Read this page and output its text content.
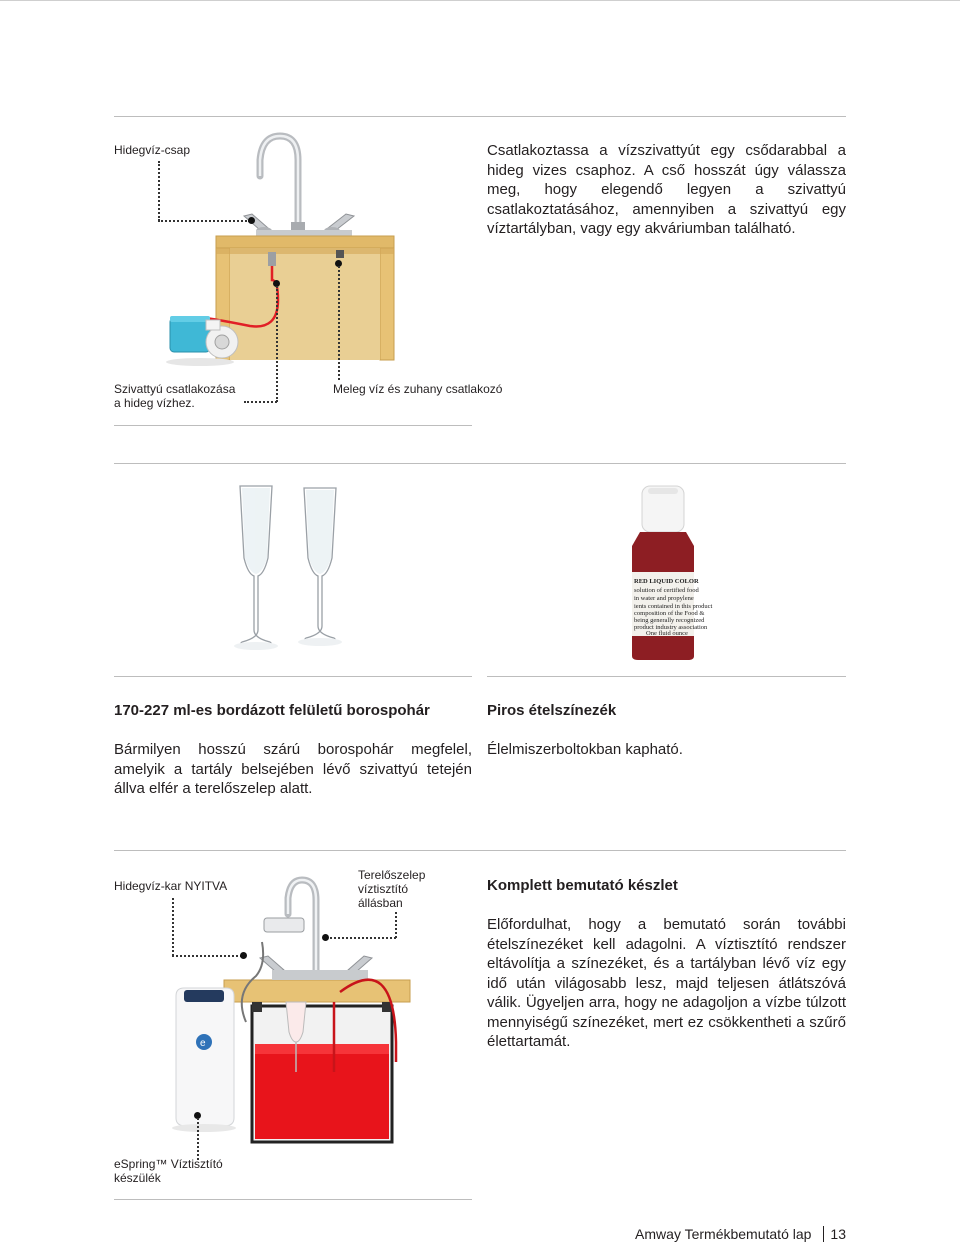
Hidegvíz-csap
Szivattyú csatlakozása a hideg vízhez.
Meleg víz és zuhany csatlakozó
Csatlakoztassa a vízszivattyút egy csődarabbal a hideg vizes csaphoz. A cső hosszát úgy válassza meg, hogy elegendő legyen a szivattyú csatlakoztatásához, amennyiben a szivattyú egy víztartályban, vagy egy akváriumban található.
RED LIQUID COLOR
solution of certified food
in water and propylene
ients contained in this product
composition of the Food &
being generally recognized
product industry association
One fluid ounce
170-227 ml-es bordázott felületű borospohár
Bármilyen hosszú szárú borospohár megfelel, amelyik a tartály belsejében lévő szivattyú tetején állva elfér a terelőszelep alatt.
Piros ételszínezék
Élelmiszerboltokban kapható.
Hidegvíz-kar NYITVA
Terelőszelep víztisztító állásban
e
eSpring™ Víztisztító készülék
Komplett bemutató készlet
Előfordulhat, hogy a bemutató során további ételszínezéket kell adagolni. A víztisztító rendszer eltávolítja a színezéket, és a tartályban lévő víz egy idő után világosabb lesz, majd teljesen átlátszóvá válik. Ügyeljen arra, hogy ne adagoljon a vízbe túlzott mennyiségű színezéket, mert ez csökkentheti a szűrő élettartamát.
Amway Termékbemutató lap 13
